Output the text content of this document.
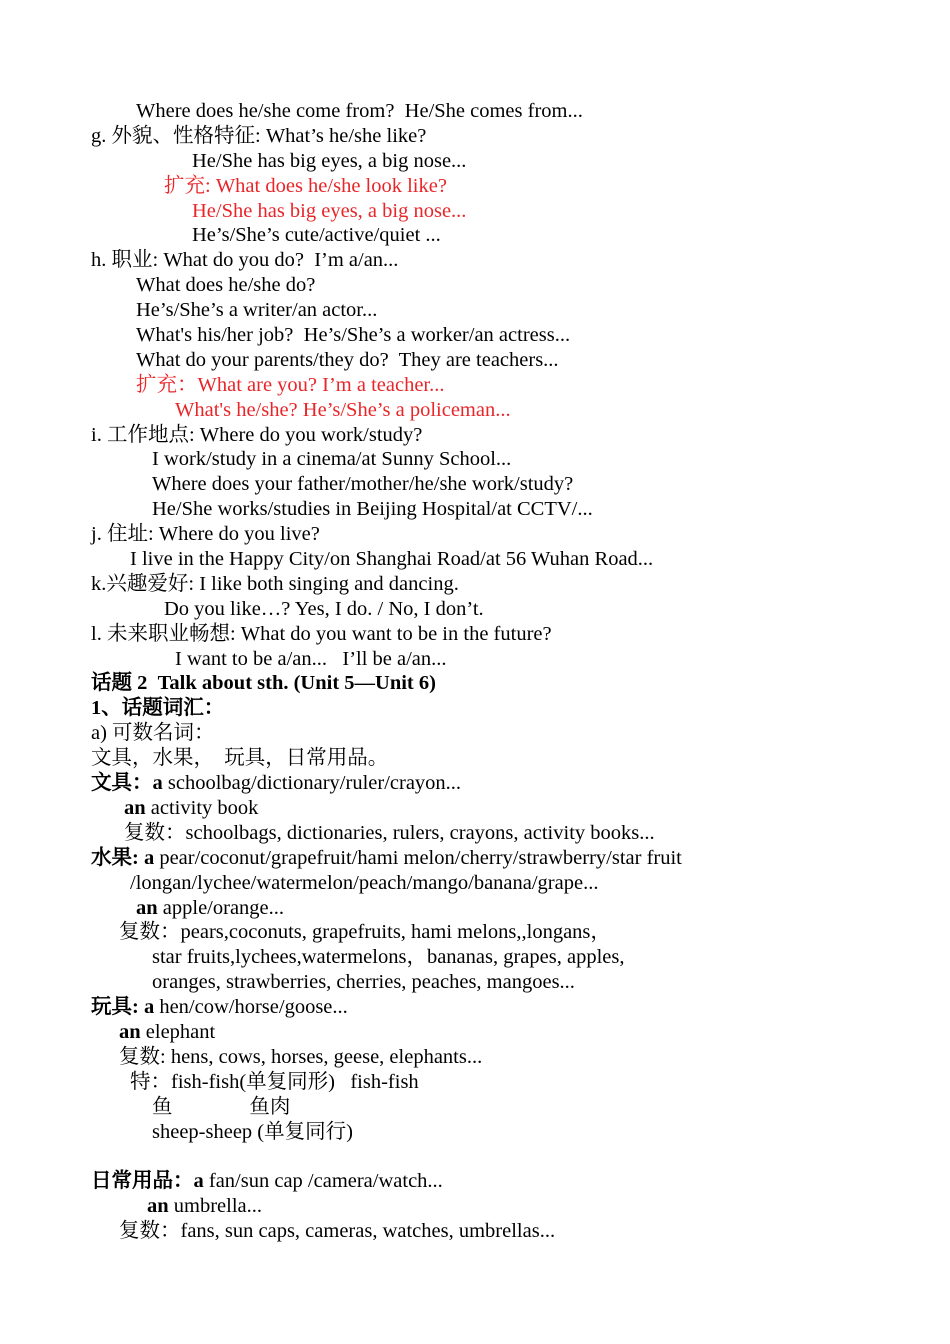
Where does he/she come from?  He/She comes from...
g. 外貌、性格特征: What’s he/she like?
He/She has big eyes, a big nose...
扩充: What does he/she look like?
He/She has big eyes, a big nose...
He’s/She’s cute/active/quiet ...
h. 职业: What do you do?  I’m a/an...
What does he/she do?
He’s/She’s a writer/an actor...
What's his/her job?  He’s/She’s a worker/an actress...
What do your parents/they do?  They are teachers...
扩充：What are you? I’m a teacher...
What's he/she? He’s/She’s a policeman...
i. 工作地点: Where do you work/study?
I work/study in a cinema/at Sunny School...
Where does your father/mother/he/she work/study?
He/She works/studies in Beijing Hospital/at CCTV/...
j. 住址: Where do you live?
I live in the Happy City/on Shanghai Road/at 56 Wuhan Road...
k.兴趣爱好: I like both singing and dancing.
Do you like…? Yes, I do. / No, I don’t.
l. 未来职业畅想: What do you want to be in the future?
I want to be a/an...   I’ll be a/an...
话题 2  Talk about sth. (Unit 5—Unit 6)
1、话题词汇：
a) 可数名词：
文具，水果，  玩具，日常用品。
文具：a schoolbag/dictionary/ruler/crayon...
an activity book
复数：schoolbags, dictionaries, rulers, crayons, activity books...
水果: a pear/coconut/grapefruit/hami melon/cherry/strawberry/star fruit
/longan/lychee/watermelon/peach/mango/banana/grape...
an apple/orange...
复数：pears,coconuts, grapefruits, hami melons,,longans，
star fruits,lychees,watermelons，bananas, grapes, apples,
oranges, strawberries, cherries, peaches, mangoes...
玩具: a hen/cow/horse/goose...
an elephant
复数: hens, cows, horses, geese, elephants...
特：fish-fish(单复同形)   fish-fish
鱼               鱼肉
sheep-sheep (单复同行)
日常用品：a fan/sun cap /camera/watch...
an umbrella...
复数：fans, sun caps, cameras, watches, umbrellas...
